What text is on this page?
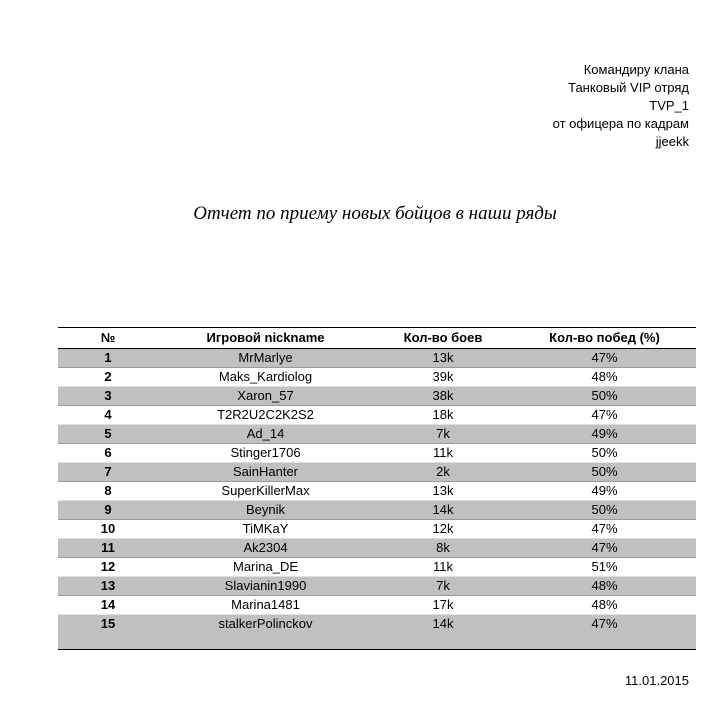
Командиру клана
Танковый VIP отряд
TVP_1
от офицера по кадрам
jjeekk
Отчет по приему новых бойцов в наши ряды
№	Игровой nickname	Кол-во боев	Кол-во побед (%)
1	MrMarlye	13k	47%
2	Maks_Kardiolog	39k	48%
3	Xaron_57	38k	50%
4	T2R2U2C2K2S2	18k	47%
5	Ad_14	7k	49%
6	Stinger1706	11k	50%
7	SainHanter	2k	50%
8	SuperKillerMax	13k	49%
9	Beynik	14k	50%
10	TiMKaY	12k	47%
11	Ak2304	8k	47%
12	Marina_DE	11k	51%
13	Slavianin1990	7k	48%
14	Marina1481	17k	48%
15	stalkerPolinckov	14k	47%
11.01.2015
